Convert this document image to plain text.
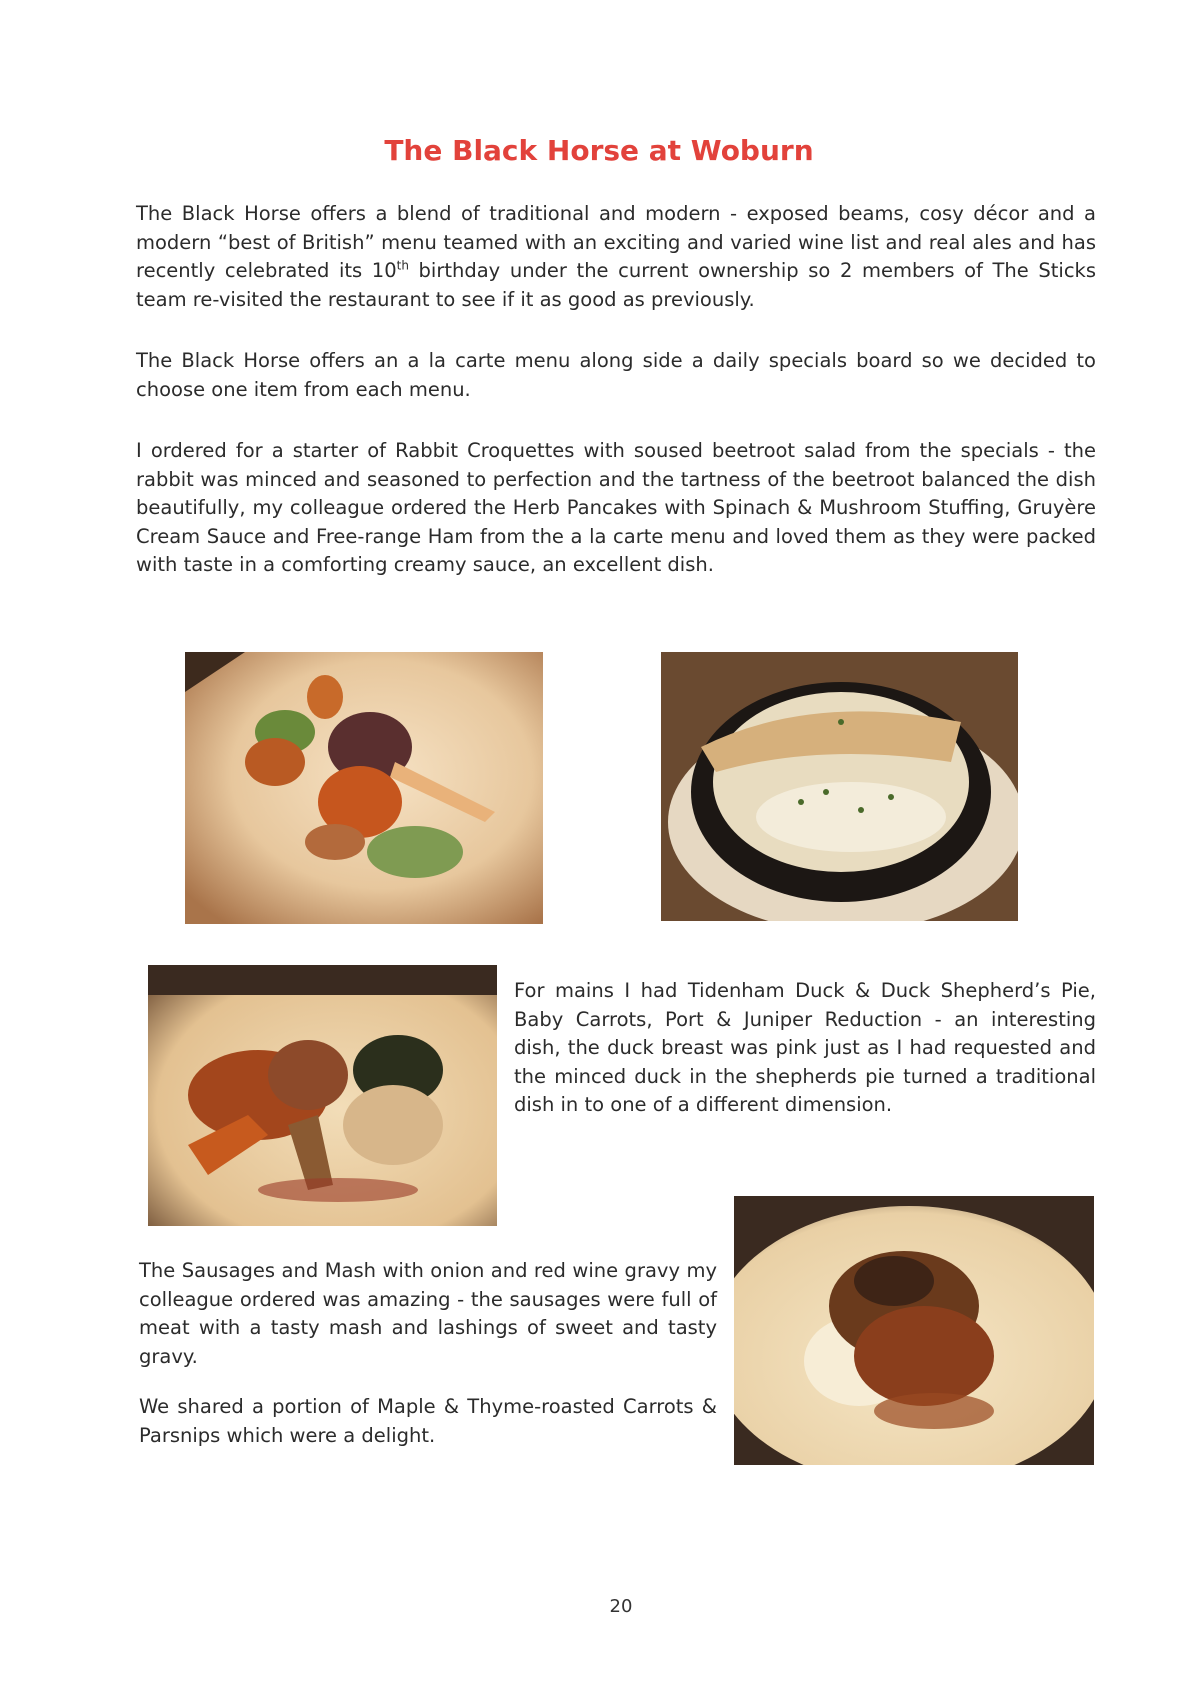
The Black Horse at Woburn

The Black Horse offers a blend of traditional and modern - exposed beams, cosy décor and a modern “best of British” menu teamed with an exciting and varied wine list and real ales and has recently celebrated its 10th birthday under the current ownership so 2 members of The Sticks team re-visited the restaurant to see if it as good as previously.

The Black Horse offers an a la carte menu along side a daily specials board so we decided to choose one item from each menu.

I ordered for a starter of Rabbit Croquettes with soused beetroot salad from the specials - the rabbit was minced and seasoned to perfection and the tartness of the beetroot balanced the dish beautifully, my colleague ordered the Herb Pancakes with Spinach & Mushroom Stuffing, Gruyère Cream Sauce and Free-range Ham from the a la carte menu and loved them as they were packed with taste in a comforting creamy sauce, an excellent dish.

For mains I had Tidenham Duck & Duck Shepherd’s Pie, Baby Carrots, Port & Juniper Reduction - an interesting dish, the duck breast was pink just as I had requested and the minced duck in the shepherds pie turned a traditional dish in to one of a different dimension.

The Sausages and Mash with onion and red wine gravy my colleague ordered was amazing - the sausages were full of meat with a tasty mash and lashings of sweet and tasty gravy.

We shared a portion of Maple & Thyme-roasted Carrots & Parsnips which were a delight.

20
